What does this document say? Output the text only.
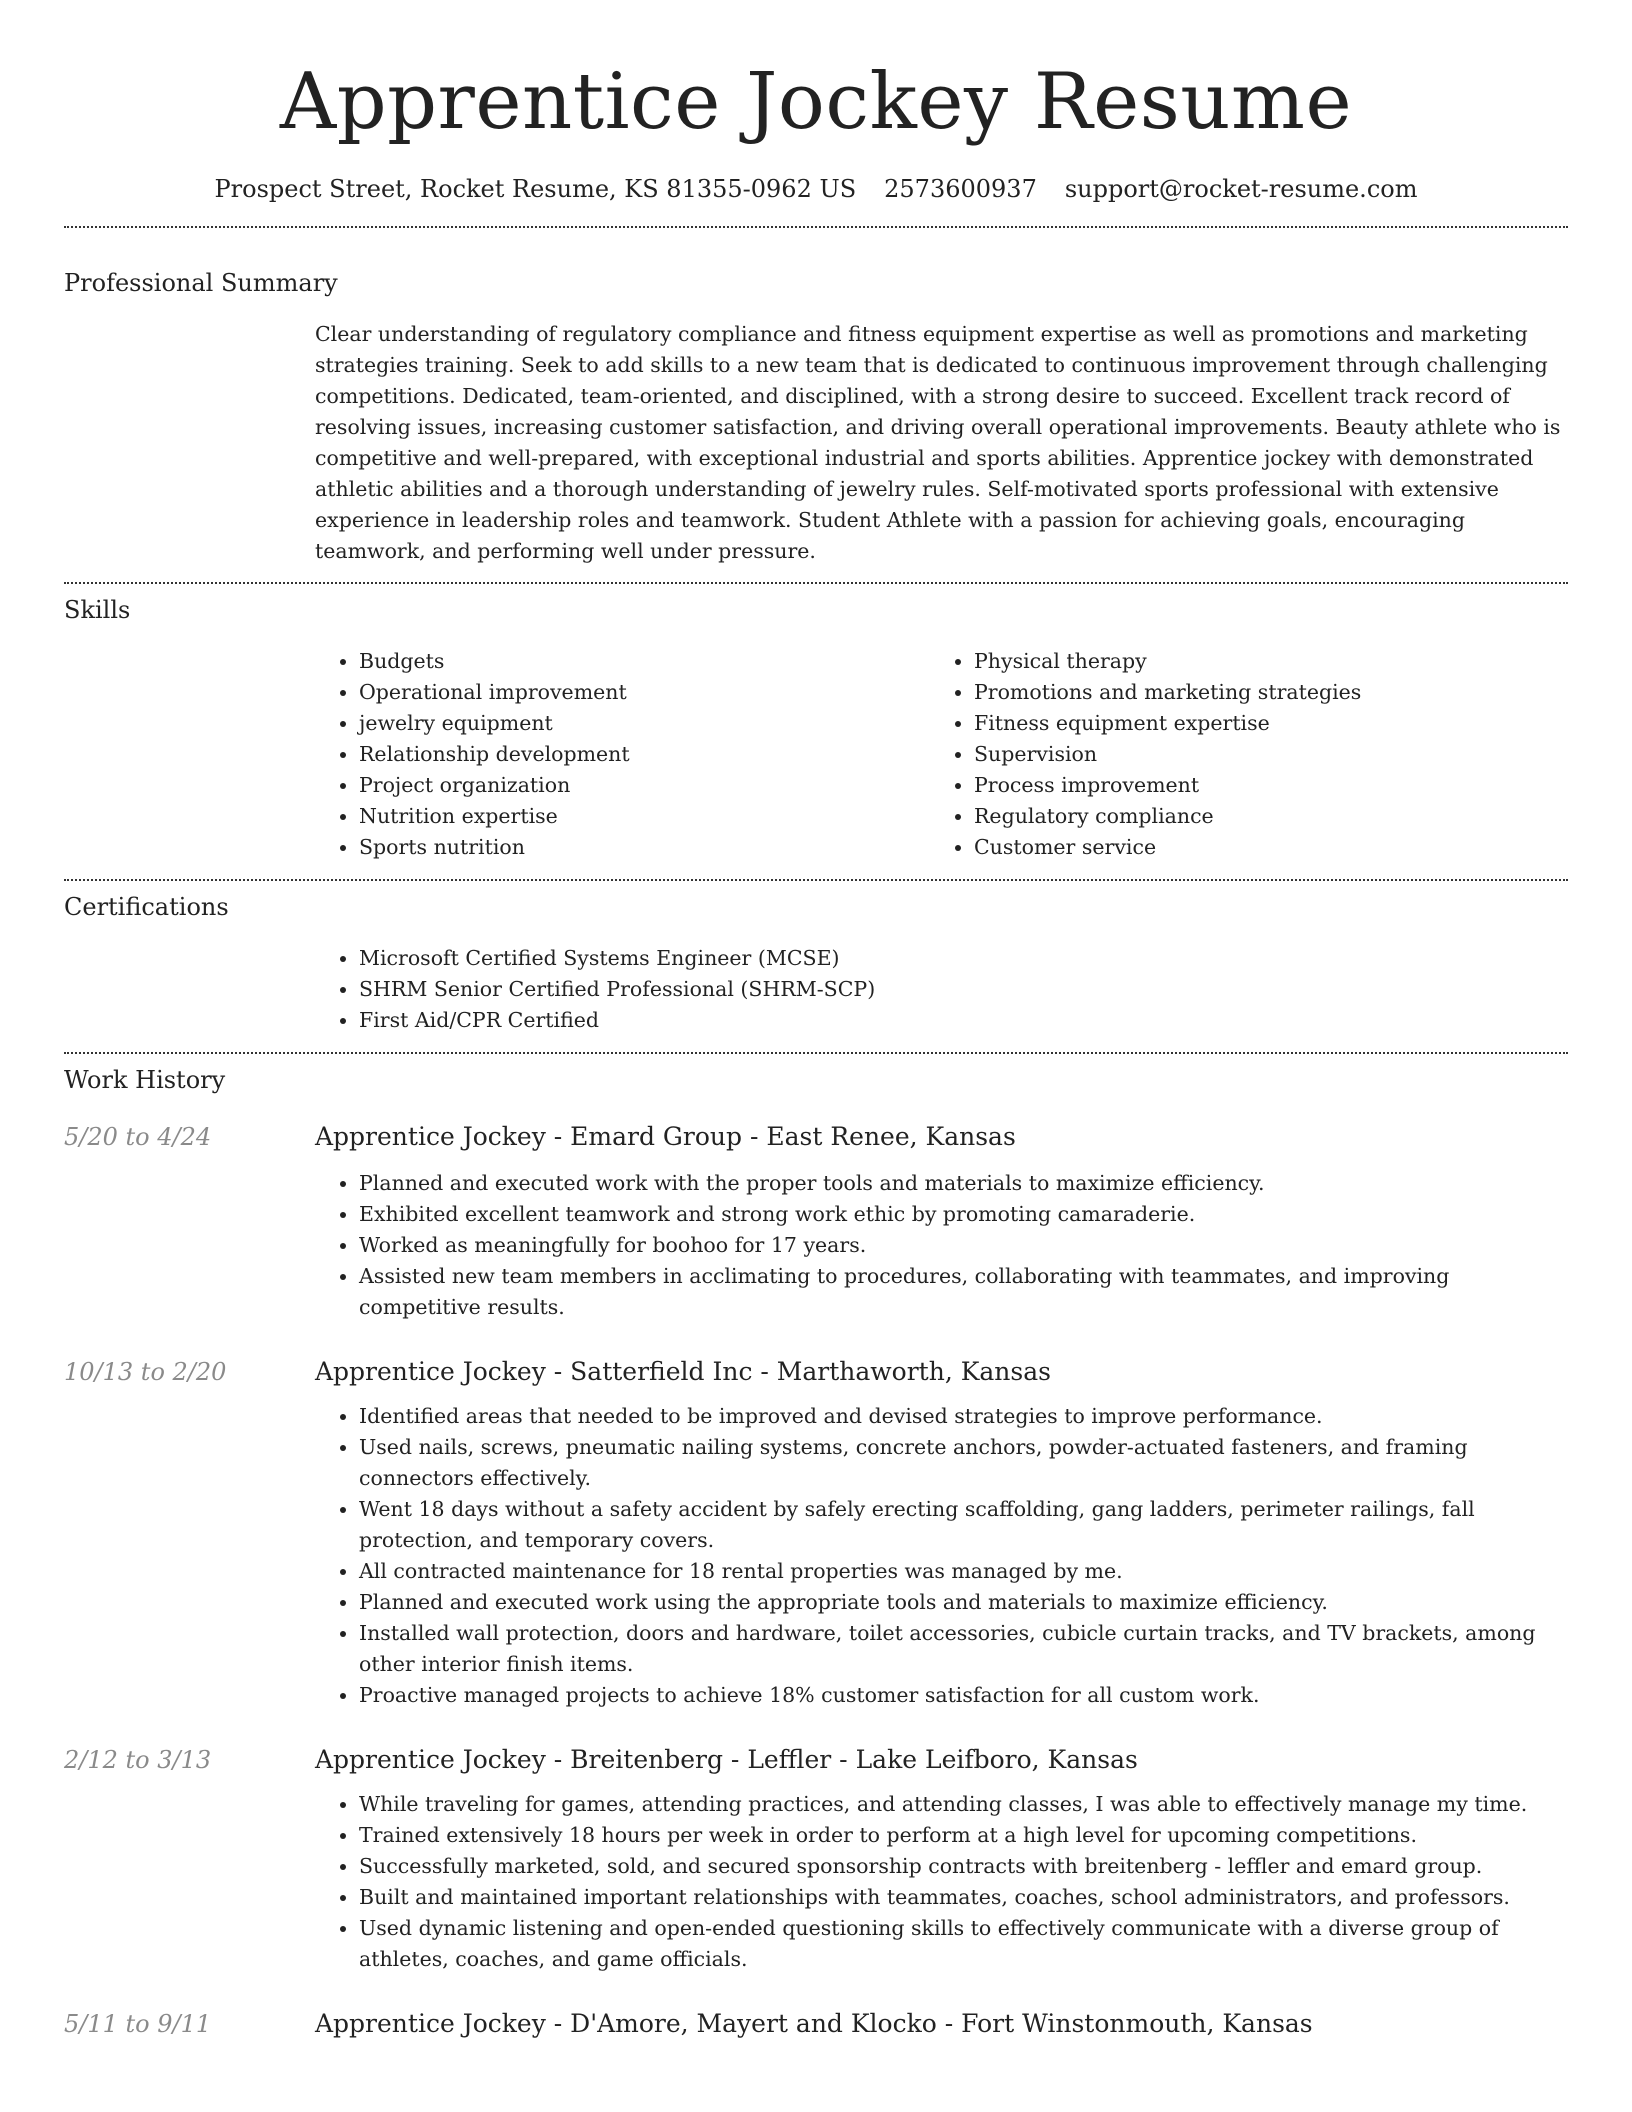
Apprentice Jockey Resume
Prospect Street, Rocket Resume, KS 81355-0962 US 2573600937 support@rocket-resume.com
Professional Summary

Clear understanding of regulatory compliance and fitness equipment expertise as well as promotions and marketing strategies training. Seek to add skills to a new team that is dedicated to continuous improvement through challenging competitions. Dedicated, team-oriented, and disciplined, with a strong desire to succeed. Excellent track record of resolving issues, increasing customer satisfaction, and driving overall operational improvements. Beauty athlete who is competitive and well-prepared, with exceptional industrial and sports abilities. Apprentice jockey with demonstrated athletic abilities and a thorough understanding of jewelry rules. Self-motivated sports professional with extensive experience in leadership roles and teamwork. Student Athlete with a passion for achieving goals, encouraging teamwork, and performing well under pressure.

Skills
• Budgets
• Operational improvement
• jewelry equipment
• Relationship development
• Project organization
• Nutrition expertise
• Sports nutrition
• Physical therapy
• Promotions and marketing strategies
• Fitness equipment expertise
• Supervision
• Process improvement
• Regulatory compliance
• Customer service
Certifications
• Microsoft Certified Systems Engineer (MCSE)
• SHRM Senior Certified Professional (SHRM-SCP)
• First Aid/CPR Certified
Work History
5/20 to 4/24	Apprentice Jockey - Emard Group - East Renee, Kansas
• Planned and executed work with the proper tools and materials to maximize efficiency.
• Exhibited excellent teamwork and strong work ethic by promoting camaraderie.
• Worked as meaningfully for boohoo for 17 years.
• Assisted new team members in acclimating to procedures, collaborating with teammates, and improving competitive results.
10/13 to 2/20	Apprentice Jockey - Satterfield Inc - Marthaworth, Kansas
• Identified areas that needed to be improved and devised strategies to improve performance.
• Used nails, screws, pneumatic nailing systems, concrete anchors, powder-actuated fasteners, and framing connectors effectively.
• Went 18 days without a safety accident by safely erecting scaffolding, gang ladders, perimeter railings, fall protection, and temporary covers.
• All contracted maintenance for 18 rental properties was managed by me.
• Planned and executed work using the appropriate tools and materials to maximize efficiency.
• Installed wall protection, doors and hardware, toilet accessories, cubicle curtain tracks, and TV brackets, among other interior finish items.
• Proactive managed projects to achieve 18% customer satisfaction for all custom work.
2/12 to 3/13	Apprentice Jockey - Breitenberg - Leffler - Lake Leifboro, Kansas
• While traveling for games, attending practices, and attending classes, I was able to effectively manage my time.
• Trained extensively 18 hours per week in order to perform at a high level for upcoming competitions.
• Successfully marketed, sold, and secured sponsorship contracts with breitenberg - leffler and emard group.
• Built and maintained important relationships with teammates, coaches, school administrators, and professors.
• Used dynamic listening and open-ended questioning skills to effectively communicate with a diverse group of athletes, coaches, and game officials.
5/11 to 9/11	Apprentice Jockey - D'Amore, Mayert and Klocko - Fort Winstonmouth, Kansas
